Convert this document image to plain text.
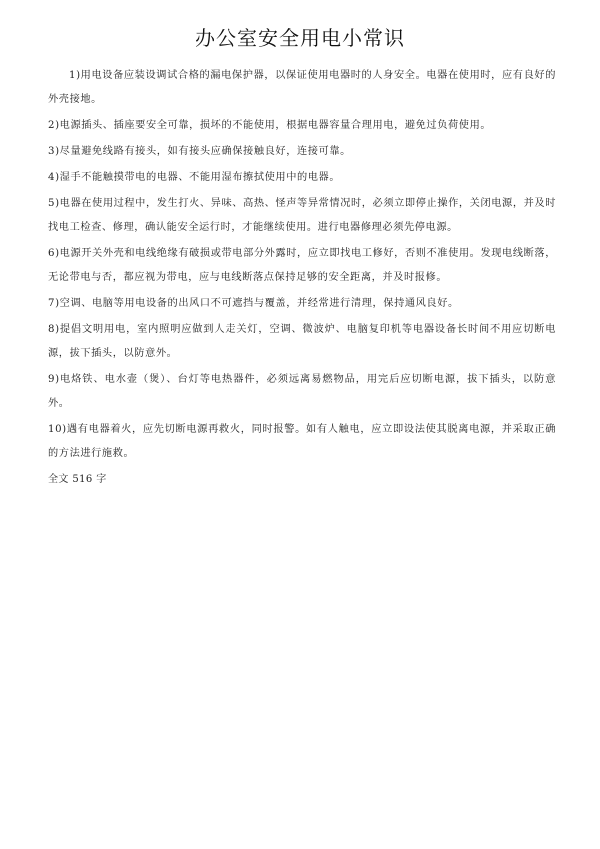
办公室安全用电小常识

1)用电设备应装设调试合格的漏电保护器，以保证使用电器时的人身安全。电器在使用时，应有良好的外壳接地。

2)电源插头、插座要安全可靠，损坏的不能使用，根据电器容量合理用电，避免过负荷使用。

3)尽量避免线路有接头，如有接头应确保接触良好，连接可靠。

4)湿手不能触摸带电的电器、不能用湿布擦拭使用中的电器。

5)电器在使用过程中，发生打火、异味、高热、怪声等异常情况时，必须立即停止操作，关闭电源，并及时找电工检查、修理，确认能安全运行时，才能继续使用。进行电器修理必须先停电源。

6)电源开关外壳和电线绝缘有破损或带电部分外露时，应立即找电工修好，否则不准使用。发现电线断落，无论带电与否，都应视为带电，应与电线断落点保持足够的安全距离，并及时报修。

7)空调、电脑等用电设备的出风口不可遮挡与覆盖，并经常进行清理，保持通风良好。

8)提倡文明用电，室内照明应做到人走关灯，空调、微波炉、电脑复印机等电器设备长时间不用应切断电源，拔下插头，以防意外。

9)电烙铁、电水壶（煲）、台灯等电热器件，必须远离易燃物品，用完后应切断电源，拔下插头，以防意外。

10)遇有电器着火，应先切断电源再救火，同时报警。如有人触电，应立即设法使其脱离电源，并采取正确的方法进行施救。

全文 516 字
